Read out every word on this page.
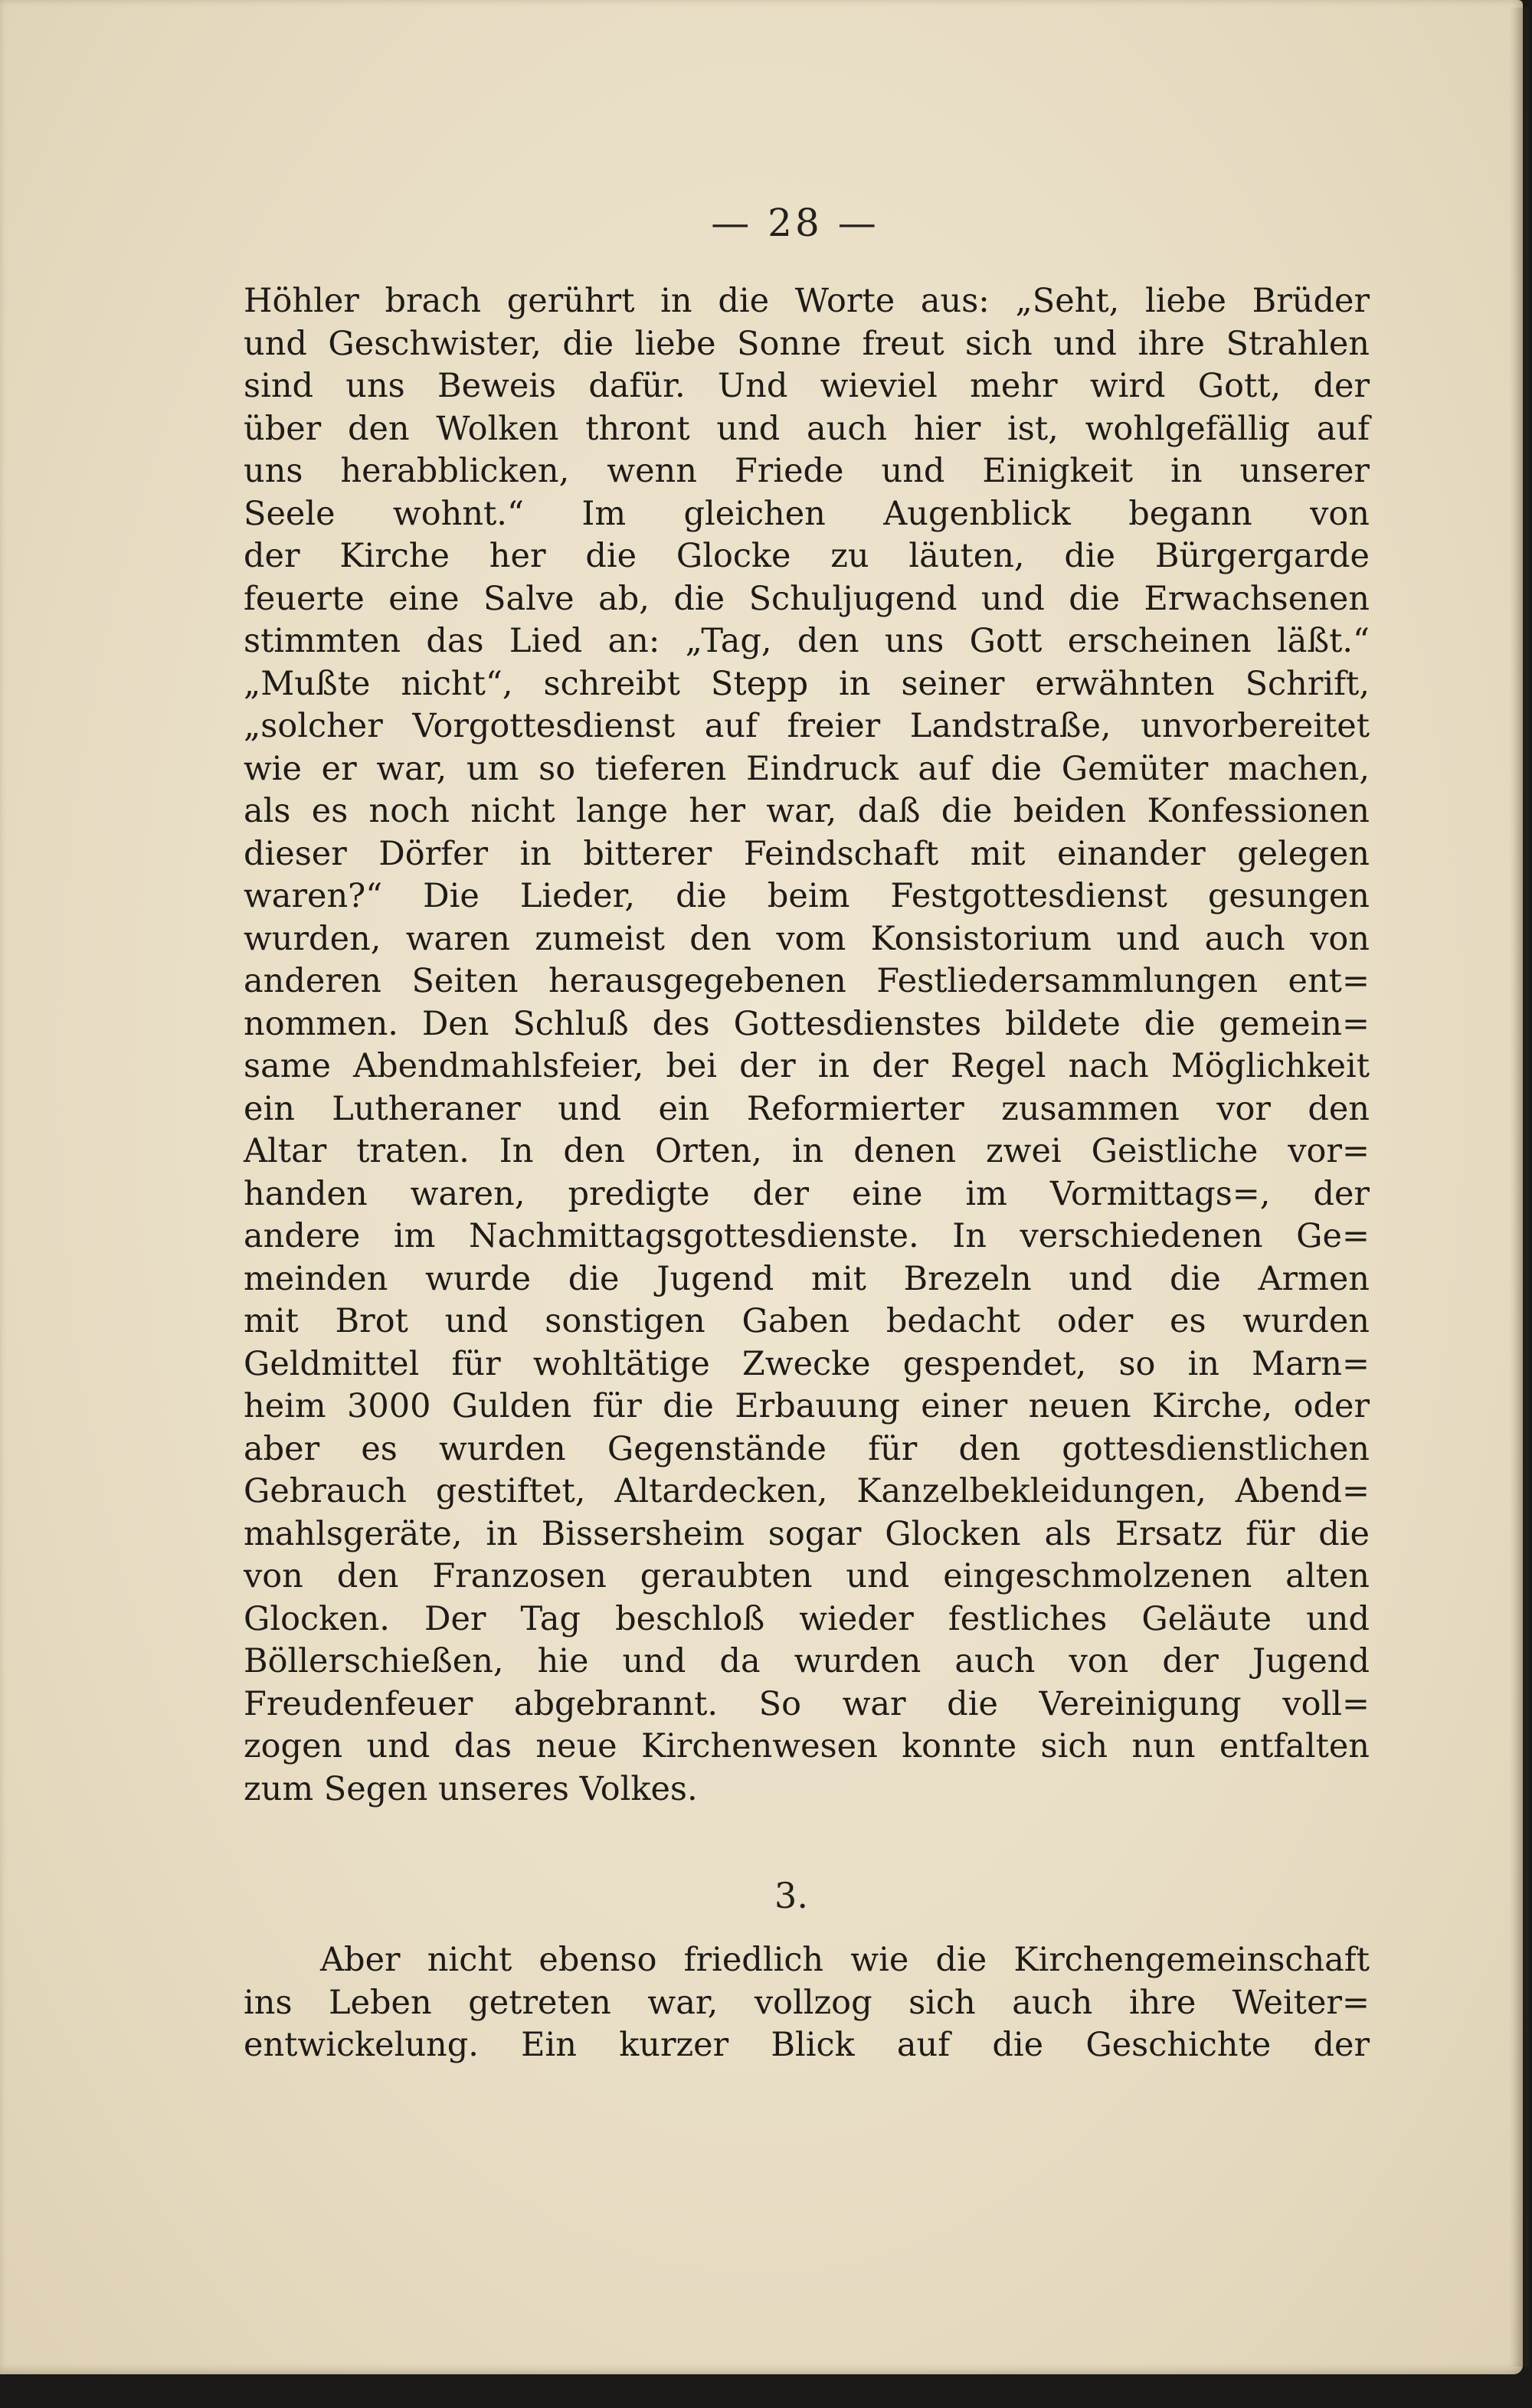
— 28 —
Höhler brach gerührt in die Worte aus: „Seht, liebe Brüder
und Geschwister, die liebe Sonne freut sich und ihre Strahlen
sind uns Beweis dafür. Und wieviel mehr wird Gott, der
über den Wolken thront und auch hier ist, wohlgefällig auf
uns herabblicken, wenn Friede und Einigkeit in unserer
Seele wohnt.“ Im gleichen Augenblick begann von
der Kirche her die Glocke zu läuten, die Bürgergarde
feuerte eine Salve ab, die Schuljugend und die Erwachsenen
stimmten das Lied an: „Tag, den uns Gott erscheinen läßt.“
„Mußte nicht“, schreibt Stepp in seiner erwähnten Schrift,
„solcher Vorgottesdienst auf freier Landstraße, unvorbereitet
wie er war, um so tieferen Eindruck auf die Gemüter machen,
als es noch nicht lange her war, daß die beiden Konfessionen
dieser Dörfer in bitterer Feindschaft mit einander gelegen
waren?“ Die Lieder, die beim Festgottesdienst gesungen
wurden, waren zumeist den vom Konsistorium und auch von
anderen Seiten herausgegebenen Festliedersammlungen ent=
nommen. Den Schluß des Gottesdienstes bildete die gemein=
same Abendmahlsfeier, bei der in der Regel nach Möglichkeit
ein Lutheraner und ein Reformierter zusammen vor den
Altar traten. In den Orten, in denen zwei Geistliche vor=
handen waren, predigte der eine im Vormittags=, der
andere im Nachmittagsgottesdienste. In verschiedenen Ge=
meinden wurde die Jugend mit Brezeln und die Armen
mit Brot und sonstigen Gaben bedacht oder es wurden
Geldmittel für wohltätige Zwecke gespendet, so in Marn=
heim 3000 Gulden für die Erbauung einer neuen Kirche, oder
aber es wurden Gegenstände für den gottesdienstlichen
Gebrauch gestiftet, Altardecken, Kanzelbekleidungen, Abend=
mahlsgeräte, in Bissersheim sogar Glocken als Ersatz für die
von den Franzosen geraubten und eingeschmolzenen alten
Glocken. Der Tag beschloß wieder festliches Geläute und
Böllerschießen, hie und da wurden auch von der Jugend
Freudenfeuer abgebrannt. So war die Vereinigung voll=
zogen und das neue Kirchenwesen konnte sich nun entfalten
zum Segen unseres Volkes.
3.
Aber nicht ebenso friedlich wie die Kirchengemeinschaft
ins Leben getreten war, vollzog sich auch ihre Weiter=
entwickelung. Ein kurzer Blick auf die Geschichte der
